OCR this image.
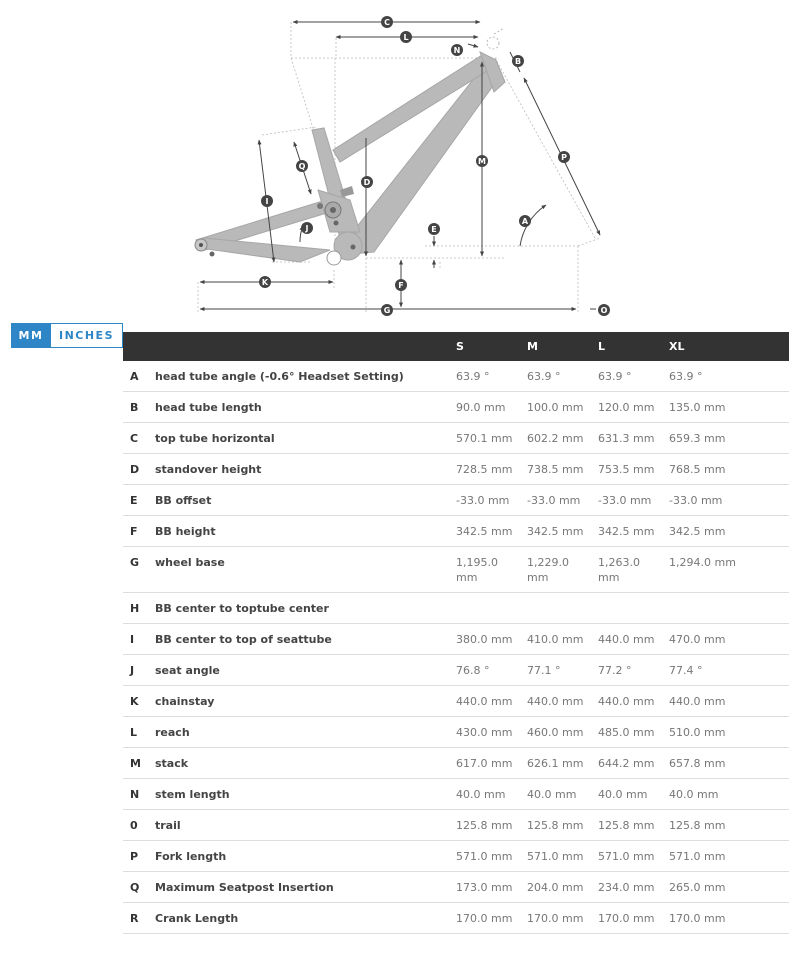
A
B
C
D
E
F
G
I
J
K
L
M
N
O
P
Q
MM	INCHES
		S	M	L	XL
A	head tube angle (-0.6° Headset Setting)	63.9 °	63.9 °	63.9 °	63.9 °
B	head tube length	90.0 mm	100.0 mm	120.0 mm	135.0 mm
C	top tube horizontal	570.1 mm	602.2 mm	631.3 mm	659.3 mm
D	standover height	728.5 mm	738.5 mm	753.5 mm	768.5 mm
E	BB offset	-33.0 mm	-33.0 mm	-33.0 mm	-33.0 mm
F	BB height	342.5 mm	342.5 mm	342.5 mm	342.5 mm
G	wheel base	1,195.0 mm	1,229.0 mm	1,263.0 mm	1,294.0 mm
H	BB center to toptube center				
I	BB center to top of seattube	380.0 mm	410.0 mm	440.0 mm	470.0 mm
J	seat angle	76.8 °	77.1 °	77.2 °	77.4 °
K	chainstay	440.0 mm	440.0 mm	440.0 mm	440.0 mm
L	reach	430.0 mm	460.0 mm	485.0 mm	510.0 mm
M	stack	617.0 mm	626.1 mm	644.2 mm	657.8 mm
N	stem length	40.0 mm	40.0 mm	40.0 mm	40.0 mm
0	trail	125.8 mm	125.8 mm	125.8 mm	125.8 mm
P	Fork length	571.0 mm	571.0 mm	571.0 mm	571.0 mm
Q	Maximum Seatpost Insertion	173.0 mm	204.0 mm	234.0 mm	265.0 mm
R	Crank Length	170.0 mm	170.0 mm	170.0 mm	170.0 mm
